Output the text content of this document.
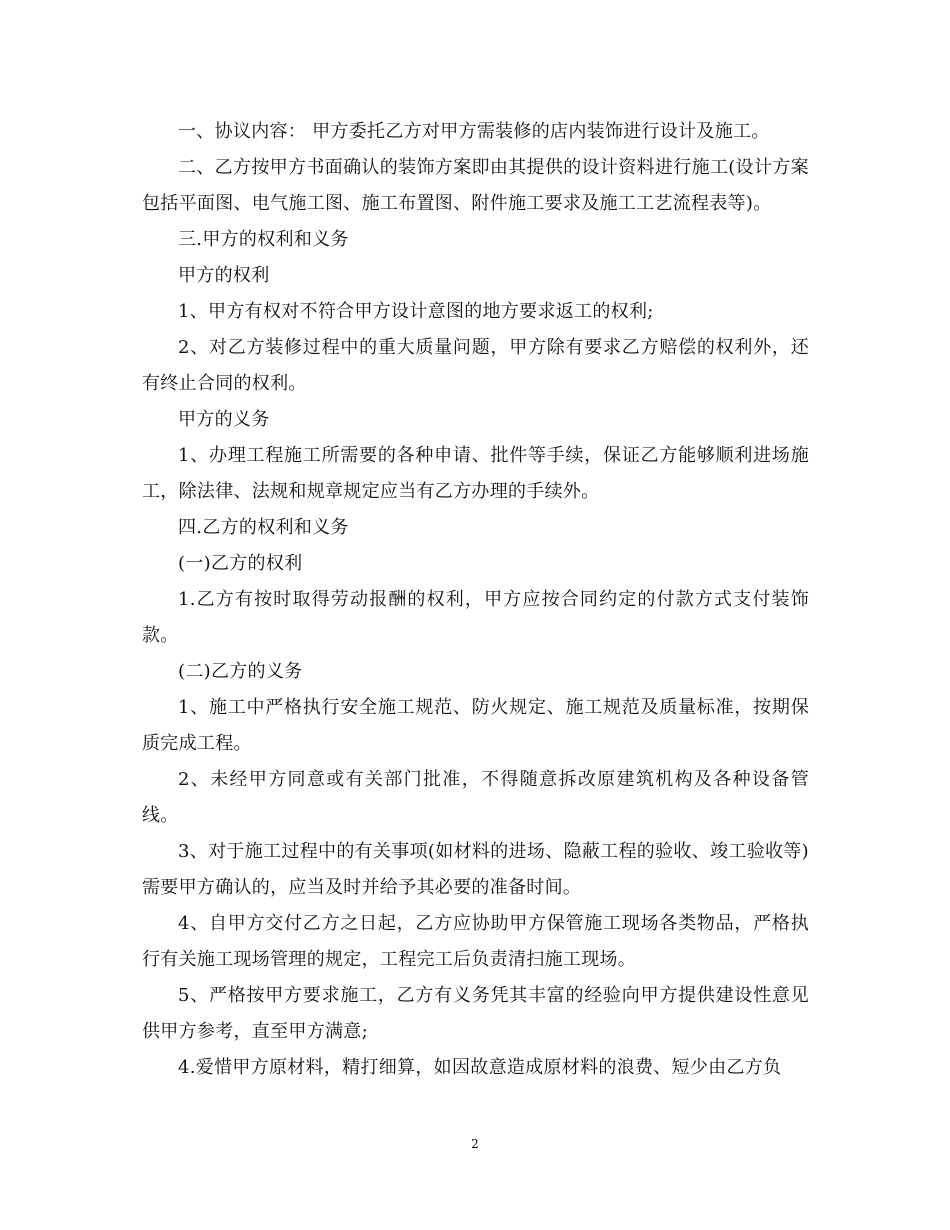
一、协议内容： 甲方委托乙方对甲方需装修的店内装饰进行设计及施工。

二、乙方按甲方书面确认的装饰方案即由其提供的设计资料进行施工(设计方案包括平面图、电气施工图、施工布置图、附件施工要求及施工工艺流程表等)。

三.甲方的权利和义务

甲方的权利

1、甲方有权对不符合甲方设计意图的地方要求返工的权利;

2、对乙方装修过程中的重大质量问题，甲方除有要求乙方赔偿的权利外，还有终止合同的权利。

甲方的义务

1、办理工程施工所需要的各种申请、批件等手续，保证乙方能够顺利进场施工，除法律、法规和规章规定应当有乙方办理的手续外。

四.乙方的权利和义务

(一)乙方的权利

1.乙方有按时取得劳动报酬的权利，甲方应按合同约定的付款方式支付装饰款。

(二)乙方的义务

1、施工中严格执行安全施工规范、防火规定、施工规范及质量标准，按期保质完成工程。

2、未经甲方同意或有关部门批准，不得随意拆改原建筑机构及各种设备管线。

3、对于施工过程中的有关事项(如材料的进场、隐蔽工程的验收、竣工验收等)需要甲方确认的，应当及时并给予其必要的准备时间。

4、自甲方交付乙方之日起，乙方应协助甲方保管施工现场各类物品，严格执行有关施工现场管理的规定，工程完工后负责清扫施工现场。

5、严格按甲方要求施工，乙方有义务凭其丰富的经验向甲方提供建设性意见供甲方参考，直至甲方满意;

4.爱惜甲方原材料，精打细算，如因故意造成原材料的浪费、短少由乙方负

2
